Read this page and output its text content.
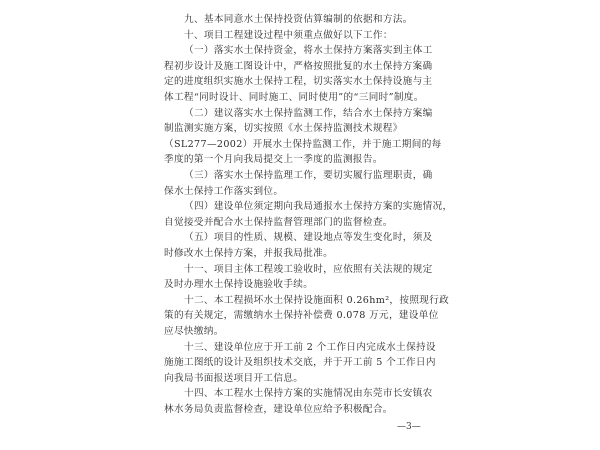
九、基本同意水土保持投资估算编制的依据和方法。
十、项目工程建设过程中须重点做好以下工作：
（一）落实水土保持资金，将水土保持方案落实到主体工
程初步设计及施工图设计中，严格按照批复的水土保持方案确
定的进度组织实施水土保持工程，切实落实水土保持设施与主
体工程“同时设计、同时施工、同时使用”的“三同时”制度。
（二）建议落实水土保持监测工作，结合水土保持方案编
制监测实施方案，切实按照《水土保持监测技术规程》
（SL277—2002）开展水土保持监测工作，并于施工期间的每
季度的第一个月向我局提交上一季度的监测报告。
（三）落实水土保持监理工作，要切实履行监理职责，确
保水土保持工作落实到位。
（四）建设单位须定期向我局通报水土保持方案的实施情况，
自觉接受并配合水土保持监督管理部门的监督检查。
（五）项目的性质、规模、建设地点等发生变化时，须及
时修改水土保持方案，并报我局批准。
十一、项目主体工程竣工验收时，应依照有关法规的规定
及时办理水土保持设施验收手续。
十二、本工程损坏水土保持设施面积 0.26hm²，按照现行政
策的有关规定，需缴纳水土保持补偿费 0.078 万元，建设单位
应尽快缴纳。
十三、建设单位应于开工前 2 个工作日内完成水土保持设
施施工图纸的设计及组织技术交底，并于开工前 5 个工作日内
向我局书面报送项目开工信息。
十四、本工程水土保持方案的实施情况由东莞市长安镇农
林水务局负责监督检查，建设单位应给予积极配合。
—3—
